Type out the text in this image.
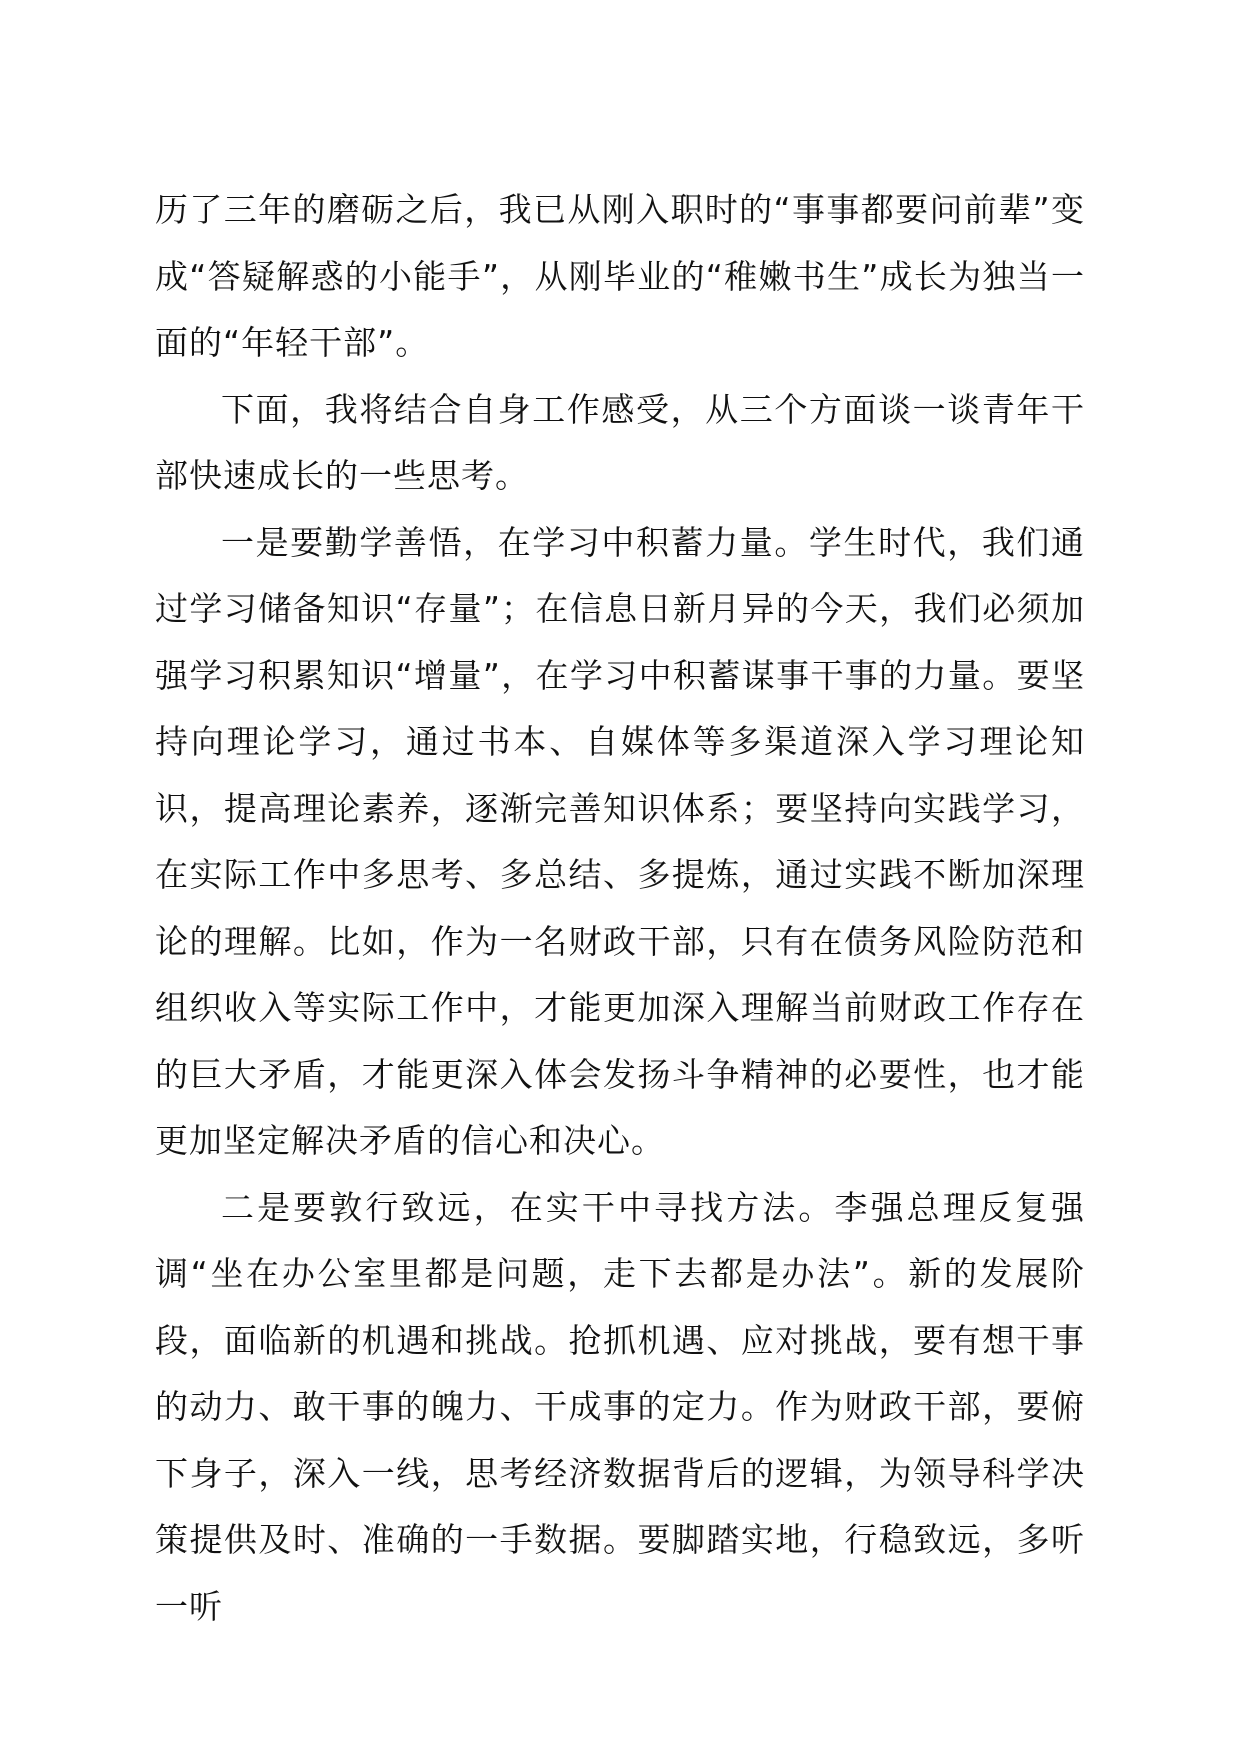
历了三年的磨砺之后，我已从刚入职时的“事事都要问前辈”变成“答疑解惑的小能手”，从刚毕业的“稚嫩书生”成长为独当一面的“年轻干部”。

下面，我将结合自身工作感受，从三个方面谈一谈青年干部快速成长的一些思考。

一是要勤学善悟，在学习中积蓄力量。学生时代，我们通过学习储备知识“存量”；在信息日新月异的今天，我们必须加强学习积累知识“增量”，在学习中积蓄谋事干事的力量。要坚持向理论学习，通过书本、自媒体等多渠道深入学习理论知识，提高理论素养，逐渐完善知识体系；要坚持向实践学习，在实际工作中多思考、多总结、多提炼，通过实践不断加深理论的理解。比如，作为一名财政干部，只有在债务风险防范和组织收入等实际工作中，才能更加深入理解当前财政工作存在的巨大矛盾，才能更深入体会发扬斗争精神的必要性，也才能更加坚定解决矛盾的信心和决心。

二是要敦行致远，在实干中寻找方法。李强总理反复强调“坐在办公室里都是问题，走下去都是办法”。新的发展阶段，面临新的机遇和挑战。抢抓机遇、应对挑战，要有想干事的动力、敢干事的魄力、干成事的定力。作为财政干部，要俯下身子，深入一线，思考经济数据背后的逻辑，为领导科学决策提供及时、准确的一手数据。要脚踏实地，行稳致远，多听一听
